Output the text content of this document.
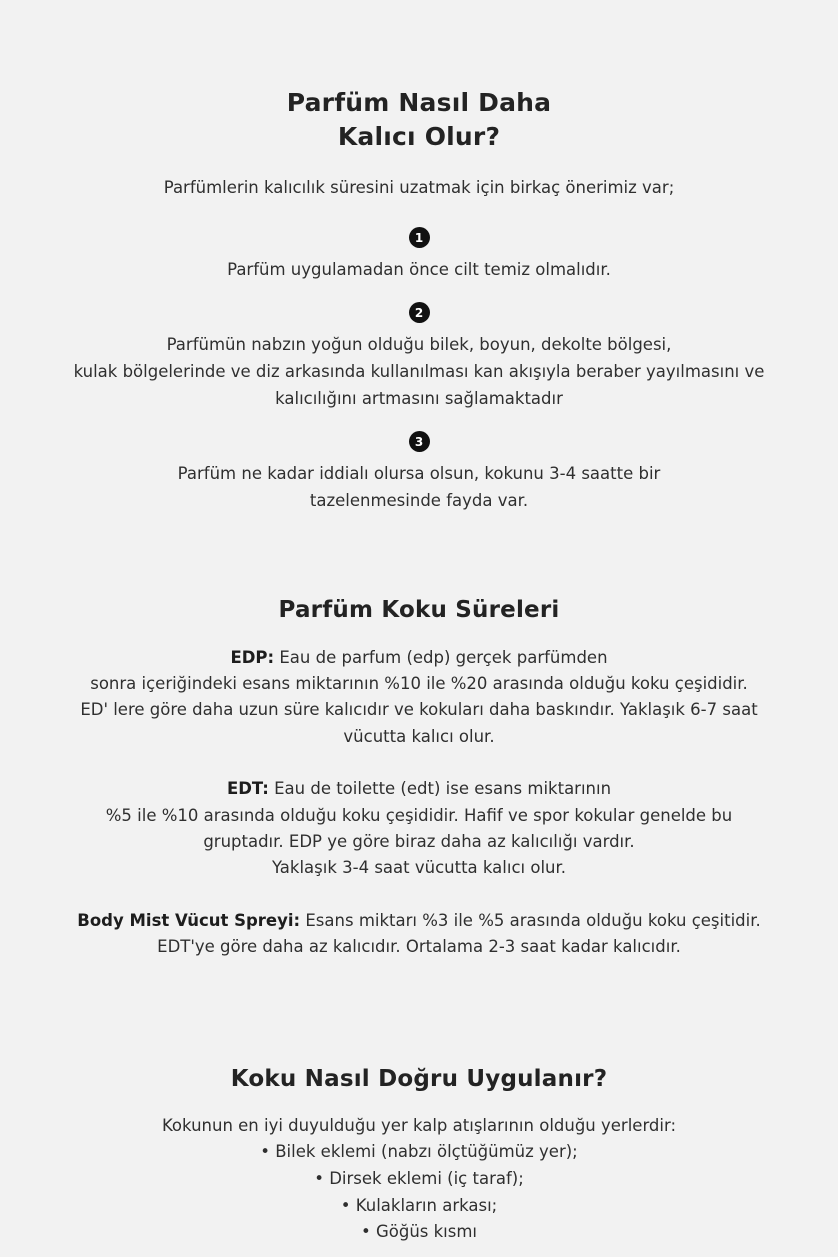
Parfüm Nasıl Daha
Kalıcı Olur?

Parfümlerin kalıcılık süresini uzatmak için birkaç önerimiz var;

1

Parfüm uygulamadan önce cilt temiz olmalıdır.

2

Parfümün nabzın yoğun olduğu bilek, boyun, dekolte bölgesi,
kulak bölgelerinde ve diz arkasında kullanılması kan akışıyla beraber yayılmasını ve
kalıcılığını artmasını sağlamaktadır

3

Parfüm ne kadar iddialı olursa olsun, kokunu 3-4 saatte bir
tazelenmesinde fayda var.

Parfüm Koku Süreleri

EDP: Eau de parfum (edp) gerçek parfümden
sonra içeriğindeki esans miktarının %10 ile %20 arasında olduğu koku çeşididir.
ED' lere göre daha uzun süre kalıcıdır ve kokuları daha baskındır. Yaklaşık 6-7 saat
vücutta kalıcı olur.

EDT: Eau de toilette (edt) ise esans miktarının
%5 ile %10 arasında olduğu koku çeşididir. Hafif ve spor kokular genelde bu
gruptadır. EDP ye göre biraz daha az kalıcılığı vardır.
Yaklaşık 3-4 saat vücutta kalıcı olur.

Body Mist Vücut Spreyi: Esans miktarı %3 ile %5 arasında olduğu koku çeşitidir.
EDT'ye göre daha az kalıcıdır. Ortalama 2-3 saat kadar kalıcıdır.

Koku Nasıl Doğru Uygulanır?

Kokunun en iyi duyulduğu yer kalp atışlarının olduğu yerlerdir:

• Bilek eklemi (nabzı ölçtüğümüz yer);
• Dirsek eklemi (iç taraf);
• Kulakların arkası;
• Göğüs kısmı
